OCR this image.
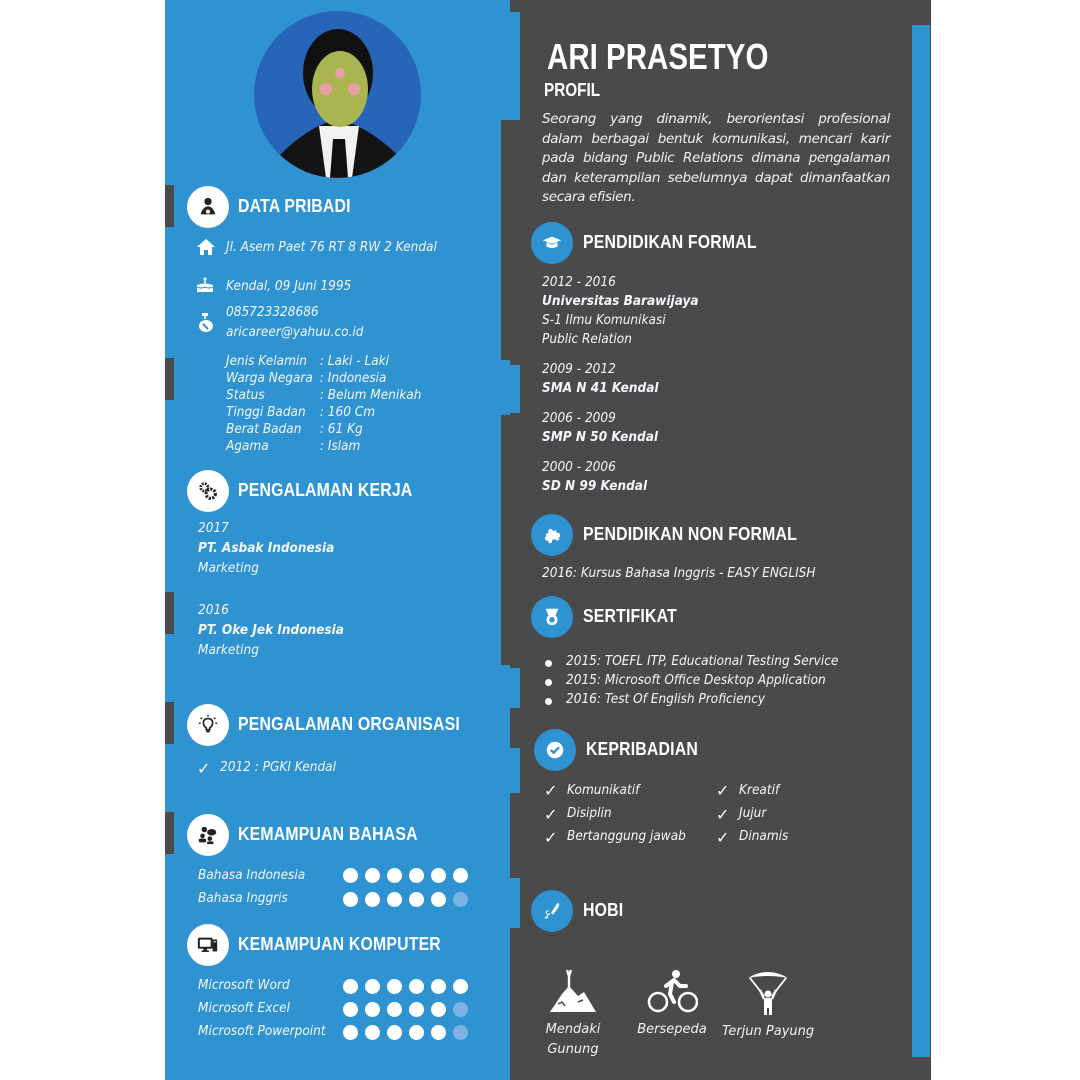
ARI PRASETYO
PROFIL
Seorang yang dinamik, berorientasi profesional dalam berbagai bentuk komunikasi, mencari karir pada bidang Public Relations dimana pengalaman dan keterampilan sebelumnya dapat dimanfaatkan secara efisien.
DATA PRIBADI
Jl. Asem Paet 76 RT 8 RW 2 Kendal
Kendal, 09 Juni 1995
085723328686
aricareer@yahuu.co.id
Jenis Kelamin : Laki - Laki
Warga Negara : Indonesia
Status	: Belum Menikah
Tinggi Badan : 160 Cm
Berat Badan : 61 Kg
Agama	: Islam
PENGALAMAN KERJA
2017
PT. Asbak Indonesia
Marketing
2016
PT. Oke Jek Indonesia
Marketing
PENGALAMAN ORGANISASI
✓ 2012 : PGKI Kendal
KEMAMPUAN BAHASA
Bahasa Indonesia
Bahasa Inggris
KEMAMPUAN KOMPUTER
Microsoft Word
Microsoft Excel
Microsoft Powerpoint
PENDIDIKAN FORMAL
2012 - 2016
Universitas Barawijaya
S-1 Ilmu Komunikasi
Public Relation
2009 - 2012
SMA N 41 Kendal
2006 - 2009
SMP N 50 Kendal
2000 - 2006
SD N 99 Kendal
PENDIDIKAN NON FORMAL
2016: Kursus Bahasa Inggris - EASY ENGLISH
SERTIFIKAT
2015: TOEFL ITP, Educational Testing Service
2015: Microsoft Office Desktop Application
2016: Test Of English Proficiency
KEPRIBADIAN
✓ Komunikatif	✓ Kreatif
✓ Disiplin	✓ Jujur
✓ Bertanggung jawab ✓ Dinamis
HOBI
Mendaki
Gunung
Bersepeda	Terjun Payung
